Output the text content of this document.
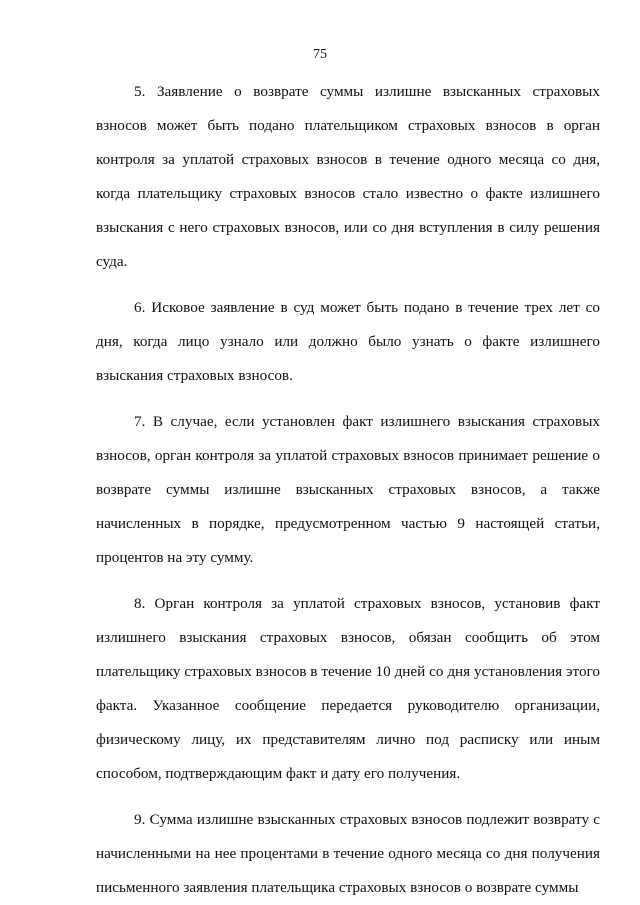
75

5. Заявление о возврате суммы излишне взысканных страховых взносов может быть подано плательщиком страховых взносов в орган контроля за уплатой страховых взносов в течение одного месяца со дня, когда плательщику страховых взносов стало известно о факте излишнего взыскания с него страховых взносов, или со дня вступления в силу решения суда.

6. Исковое заявление в суд может быть подано в течение трех лет со дня, когда лицо узнало или должно было узнать о факте излишнего взыскания страховых взносов.

7. В случае, если установлен факт излишнего взыскания страховых взносов, орган контроля за уплатой страховых взносов принимает решение о возврате суммы излишне взысканных страховых взносов, а также начисленных в порядке, предусмотренном частью 9 настоящей статьи, процентов на эту сумму.

8. Орган контроля за уплатой страховых взносов, установив факт излишнего взыскания страховых взносов, обязан сообщить об этом плательщику страховых взносов в течение 10 дней со дня установления этого факта. Указанное сообщение передается руководителю организации, физическому лицу, их представителям лично под расписку или иным способом, подтверждающим факт и дату его получения.

9. Сумма излишне взысканных страховых взносов подлежит возврату с начисленными на нее процентами в течение одного месяца со дня получения письменного заявления плательщика страховых взносов о возврате суммы
